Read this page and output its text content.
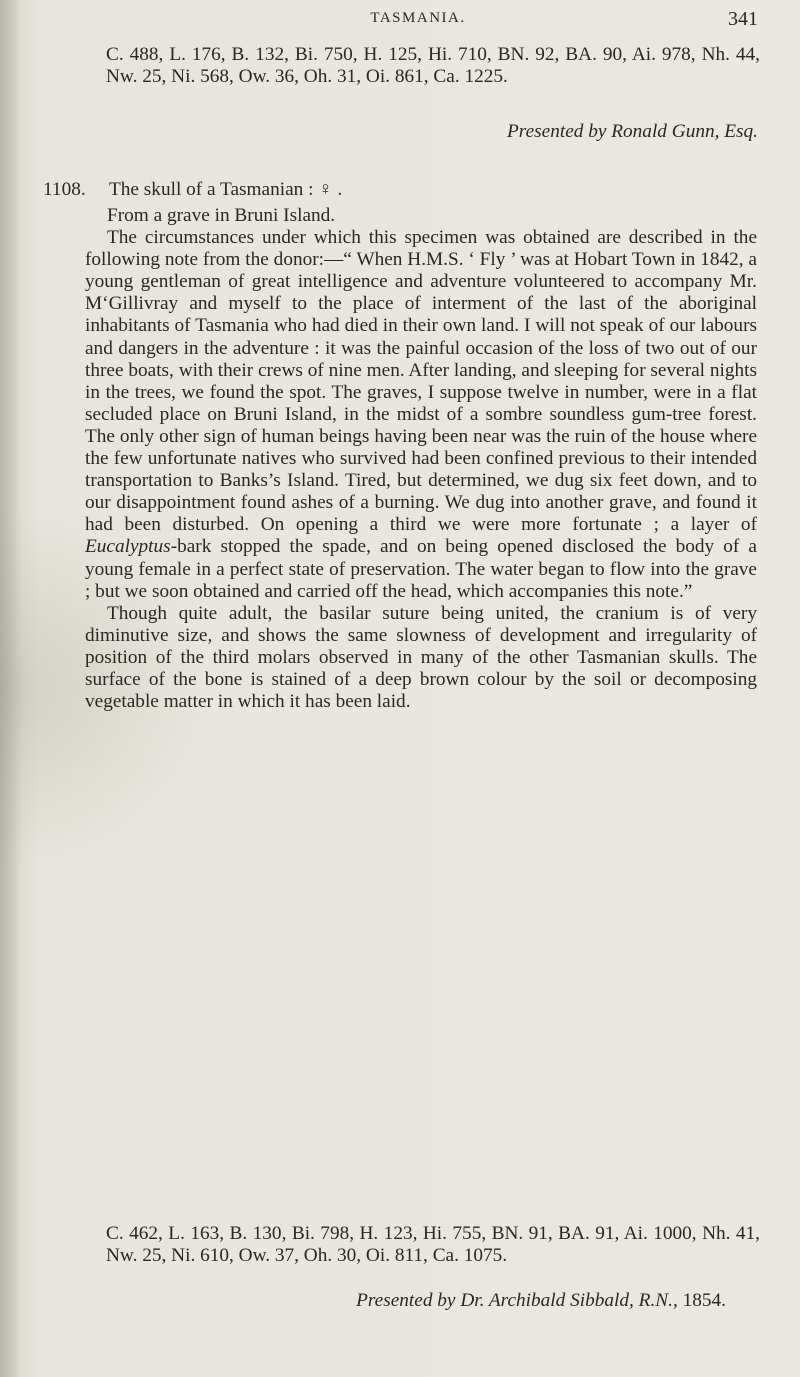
TASMANIA.	341
C. 488, L. 176, B. 132, Bi. 750, H. 125, Hi. 710, BN. 92, BA. 90, Ai. 978, Nh. 44, Nw. 25, Ni. 568, Ow. 36, Oh. 31, Oi. 861, Ca. 1225.
Presented by Ronald Gunn, Esq.
1108. The skull of a Tasmanian : ♀ .

From a grave in Bruni Island.

The circumstances under which this specimen was obtained are described in the following note from the donor:—“ When H.M.S. ‘ Fly ’ was at Hobart Town in 1842, a young gentleman of great intelligence and adventure volunteered to accompany Mr. M‘Gillivray and myself to the place of interment of the last of the aboriginal inhabitants of Tasmania who had died in their own land. I will not speak of our labours and dangers in the adventure : it was the painful occasion of the loss of two out of our three boats, with their crews of nine men. After landing, and sleeping for several nights in the trees, we found the spot. The graves, I suppose twelve in number, were in a flat secluded place on Bruni Island, in the midst of a sombre soundless gum-tree forest. The only other sign of human beings having been near was the ruin of the house where the few unfortunate natives who survived had been confined previous to their intended transportation to Banks’s Island. Tired, but determined, we dug six feet down, and to our disappointment found ashes of a burning. We dug into another grave, and found it had been disturbed. On opening a third we were more fortunate ; a layer of Eucalyptus-bark stopped the spade, and on being opened disclosed the body of a young female in a perfect state of preservation. The water began to flow into the grave ; but we soon obtained and carried off the head, which accompanies this note.”

Though quite adult, the basilar suture being united, the cranium is of very diminutive size, and shows the same slowness of development and irregularity of position of the third molars observed in many of the other Tasmanian skulls. The surface of the bone is stained of a deep brown colour by the soil or decomposing vegetable matter in which it has been laid.

C. 462, L. 163, B. 130, Bi. 798, H. 123, Hi. 755, BN. 91, BA. 91, Ai. 1000, Nh. 41, Nw. 25, Ni. 610, Ow. 37, Oh. 30, Oi. 811, Ca. 1075.
Presented by Dr. Archibald Sibbald, R.N., 1854.
